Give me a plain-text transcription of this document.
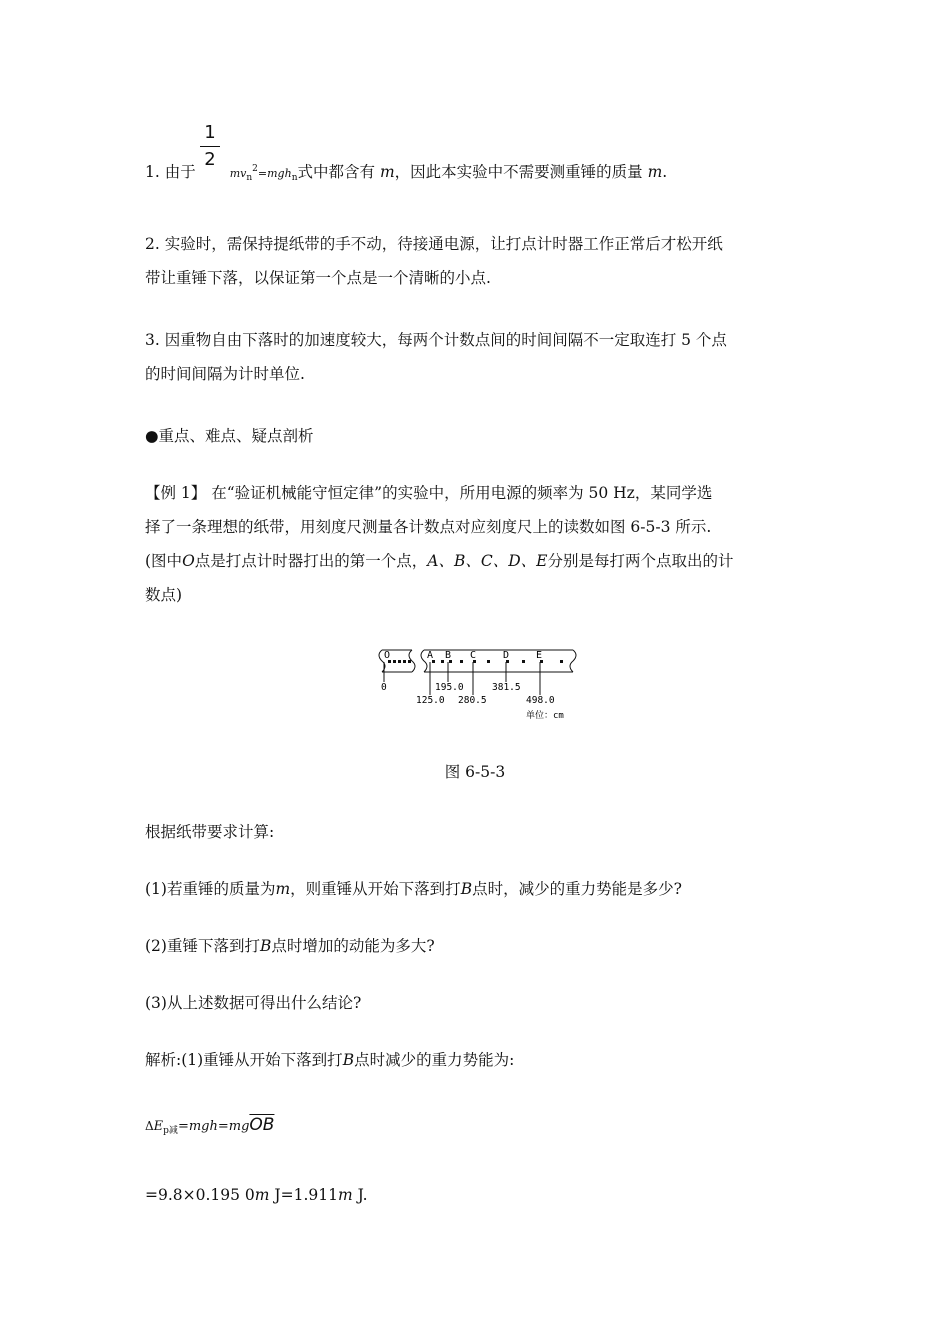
1
2
1. 由于	$mv_n^2=mgh_n$式中都含有 m，因此本实验中不需要测重锤的质量 m.
2. 实验时，需保持提纸带的手不动，待接通电源，让打点计时器工作正常后才松开纸
带让重锤下落，以保证第一个点是一个清晰的小点.
3. 因重物自由下落时的加速度较大，每两个计数点间的时间间隔不一定取连打 5 个点
的时间间隔为计时单位.
●重点、难点、疑点剖析
【例 1】 在“验证机械能守恒定律”的实验中，所用电源的频率为 50 Hz，某同学选
择了一条理想的纸带，用刻度尺测量各计数点对应刻度尺上的读数如图 6-5-3 所示.
(图中O点是打点计时器打出的第一个点，A、B、C、D、E分别是每打两个点取出的计
数点)
O	A B C	D	E
0
125.0
195.0
280.5
381.5
498.0
单位：cm
图 6-5-3
根据纸带要求计算:
(1)若重锤的质量为m，则重锤从开始下落到打B点时，减少的重力势能是多少?
(2)重锤下落到打B点时增加的动能为多大?
(3)从上述数据可得出什么结论?
解析:(1)重锤从开始下落到打B点时减少的重力势能为:
$\Delta E_{p减}=mgh=mg\overline{OB}$
=9.8×0.195 0m J=1.911m J.
